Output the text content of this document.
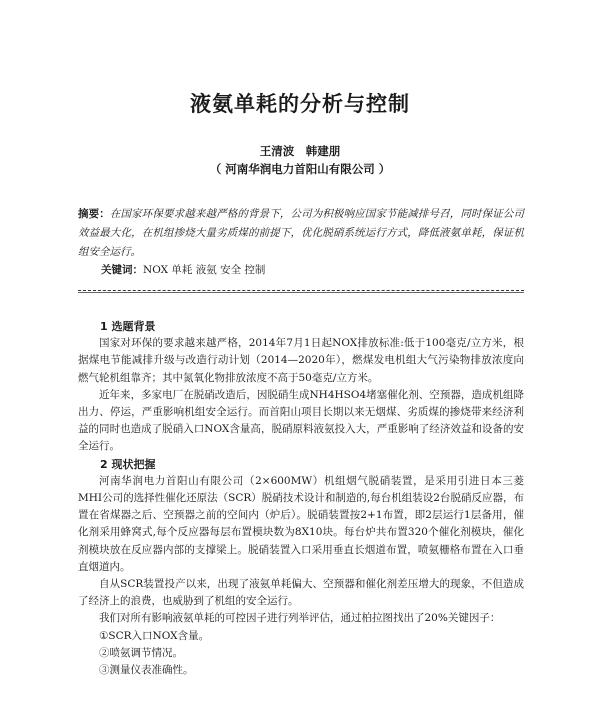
液氨单耗的分析与控制
王清波　韩建朋
（ 河南华润电力首阳山有限公司 ）
摘要：在国家环保要求越来越严格的背景下，公司为积极响应国家节能减排号召，同时保证公司效益最大化，在机组掺烧大量劣质煤的前提下，优化脱硝系统运行方式，降低液氨单耗，保证机组安全运行。
关键词：NOX 单耗 液氨 安全 控制
1 选题背景

国家对环保的要求越来越严格，2014年7月1日起NOX排放标准:低于100毫克/立方米，根据煤电节能减排升级与改造行动计划（2014—2020年），燃煤发电机组大气污染物排放浓度向燃气轮机组靠齐；其中氮氧化物排放浓度不高于50毫克/立方米。

近年来，多家电厂在脱硝改造后，因脱硝生成NH4HSO4堵塞催化剂、空预器，造成机组降出力、停运，严重影响机组安全运行。而首阳山项目长期以来无烟煤、劣质煤的掺烧带来经济利益的同时也造成了脱硝入口NOX含量高，脱硝原料液氨投入大，严重影响了经济效益和设备的安全运行。

2 现状把握

河南华润电力首阳山有限公司（2×600MW）机组烟气脱硝装置，是采用引进日本三菱MHI公司的选择性催化还原法（SCR）脱硝技术设计和制造的,每台机组装设2台脱硝反应器，布置在省煤器之后、空预器之前的空间内（炉后）。脱硝装置按2+1布置，即2层运行1层备用，催化剂采用蜂窝式,每个反应器每层布置模块数为8X10块。每台炉共布置320个催化剂模块，催化剂模块放在反应器内部的支撑梁上。脱硝装置入口采用垂直长烟道布置，喷氨栅格布置在入口垂直烟道内。

自从SCR装置投产以来，出现了液氨单耗偏大、空预器和催化剂差压增大的现象，不但造成了经济上的浪费，也威胁到了机组的安全运行。

我们对所有影响液氨单耗的可控因子进行列举评估，通过柏拉图找出了20%关键因子：

①SCR入口NOX含量。

②喷氨调节情况。

③测量仪表准确性。
